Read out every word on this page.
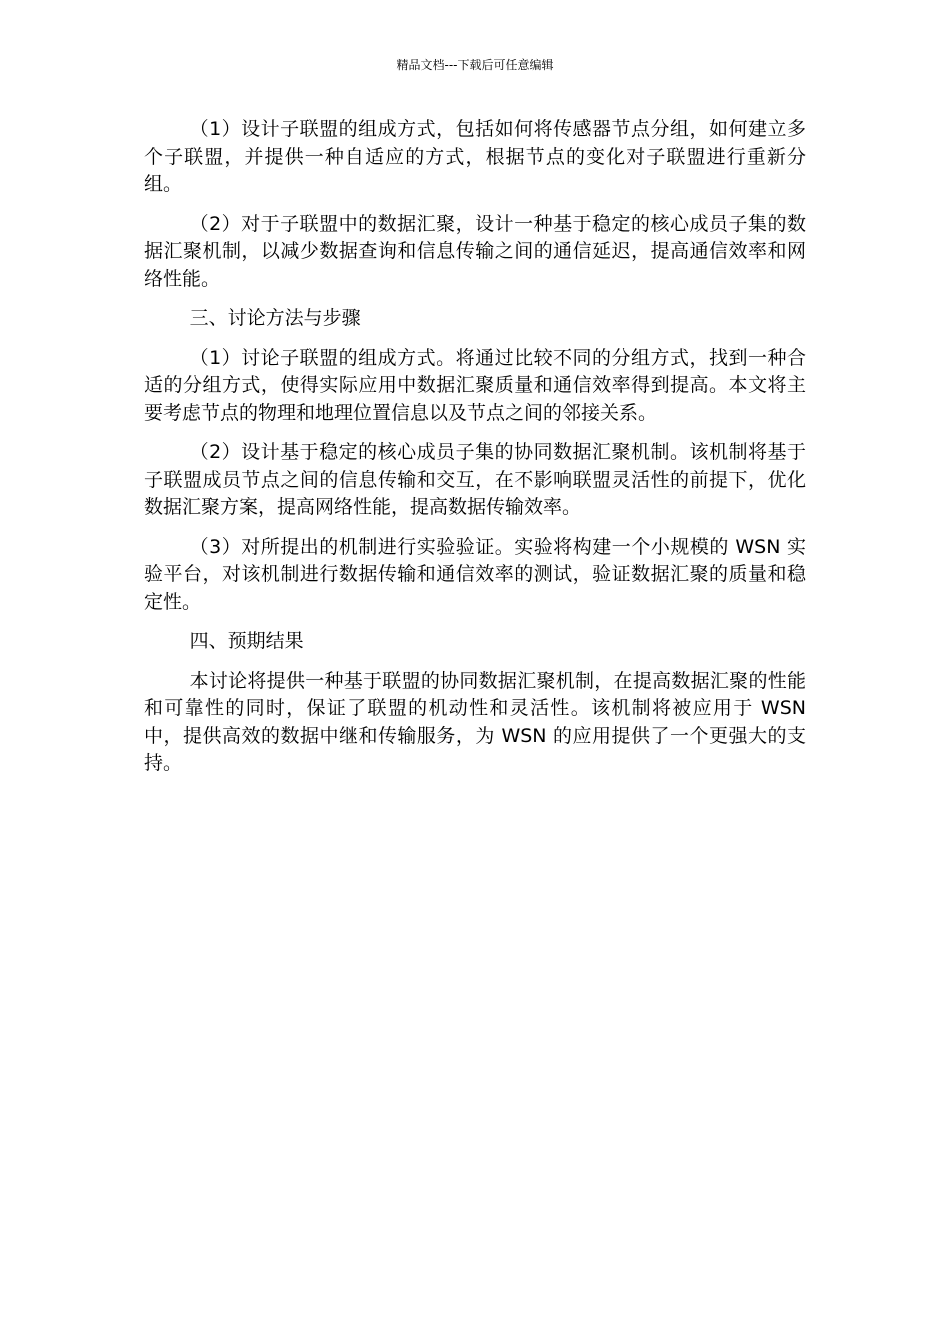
精品文档---下载后可任意编辑

（1）设计子联盟的组成方式，包括如何将传感器节点分组，如何建立多个子联盟，并提供一种自适应的方式，根据节点的变化对子联盟进行重新分组。

（2）对于子联盟中的数据汇聚，设计一种基于稳定的核心成员子集的数据汇聚机制，以减少数据查询和信息传输之间的通信延迟，提高通信效率和网络性能。

三、讨论方法与步骤

（1）讨论子联盟的组成方式。将通过比较不同的分组方式，找到一种合适的分组方式，使得实际应用中数据汇聚质量和通信效率得到提高。本文将主要考虑节点的物理和地理位置信息以及节点之间的邻接关系。

（2）设计基于稳定的核心成员子集的协同数据汇聚机制。该机制将基于子联盟成员节点之间的信息传输和交互，在不影响联盟灵活性的前提下，优化数据汇聚方案，提高网络性能，提高数据传输效率。

（3）对所提出的机制进行实验验证。实验将构建一个小规模的 WSN 实验平台，对该机制进行数据传输和通信效率的测试，验证数据汇聚的质量和稳定性。

四、预期结果

本讨论将提供一种基于联盟的协同数据汇聚机制，在提高数据汇聚的性能和可靠性的同时，保证了联盟的机动性和灵活性。该机制将被应用于 WSN 中，提供高效的数据中继和传输服务，为 WSN 的应用提供了一个更强大的支持。
